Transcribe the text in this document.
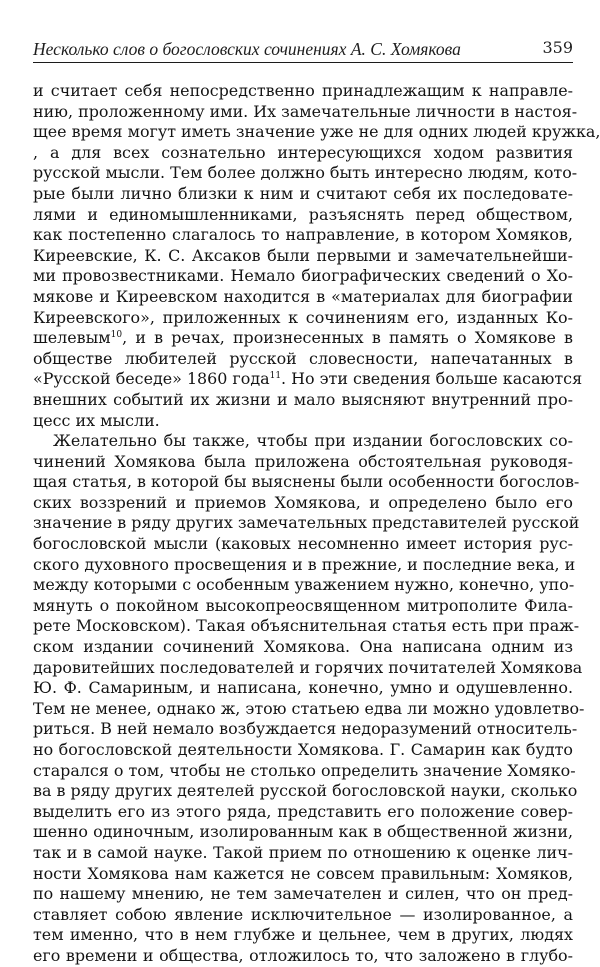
Несколько слов о богословских сочинениях А. С. Хомякова	359
и считает себя непосредственно принадлежащим к направле-
нию, проложенному ими. Их замечательные личности в настоя-
щее время могут иметь значение уже не для одних людей кружка,
, а для всех сознательно интересующихся ходом развития
русской мысли. Тем более должно быть интересно людям, кото-
рые были лично близки к ним и считают себя их последовате-
лями и единомышленниками, разъяснять перед обществом,
как постепенно слагалось то направление, в котором Хомяков,
Киреевские, К. С. Аксаков были первыми и замечательнейши-
ми провозвестниками. Немало биографических сведений о Хо-
мякове и Киреевском находится в «материалах для биографии
Киреевского», приложенных к сочинениям его, изданных Ко-
шелевым$^{10}$, и в речах, произнесенных в память о Хомякове в
обществе любителей русской словесности, напечатанных в
«Русской беседе» 1860 года$^{11}$. Но эти сведения больше касаются
внешних событий их жизни и мало выясняют внутренний про-
цесс их мысли.
Желательно бы также, чтобы при издании богословских со-
чинений Хомякова была приложена обстоятельная руководя-
щая статья, в которой бы выяснены были особенности богослов-
ских воззрений и приемов Хомякова, и определено было его
значение в ряду других замечательных представителей русской
богословской мысли (каковых несомненно имеет история рус-
ского духовного просвещения и в прежние, и последние века, и
между которыми с особенным уважением нужно, конечно, упо-
мянуть о покойном высокопреосвященном митрополите Фила-
рете Московском). Такая объяснительная статья есть при праж-
ском издании сочинений Хомякова. Она написана одним из
даровитейших последователей и горячих почитателей Хомякова
Ю. Ф. Самариным, и написана, конечно, умно и одушевленно.
Тем не менее, однако ж, этою статьею едва ли можно удовлетво-
риться. В ней немало возбуждается недоразумений относитель-
но богословской деятельности Хомякова. Г. Самарин как будто
старался о том, чтобы не столько определить значение Хомяко-
ва в ряду других деятелей русской богословской науки, сколько
выделить его из этого ряда, представить его положение совер-
шенно одиночным, изолированным как в общественной жизни,
так и в самой науке. Такой прием по отношению к оценке лич-
ности Хомякова нам кажется не совсем правильным: Хомяков,
по нашему мнению, не тем замечателен и силен, что он пред-
ставляет собою явление исключительное — изолированное, а
тем именно, что в нем глубже и цельнее, чем в других, людях
его времени и общества, отложилось то, что заложено в глубо-
